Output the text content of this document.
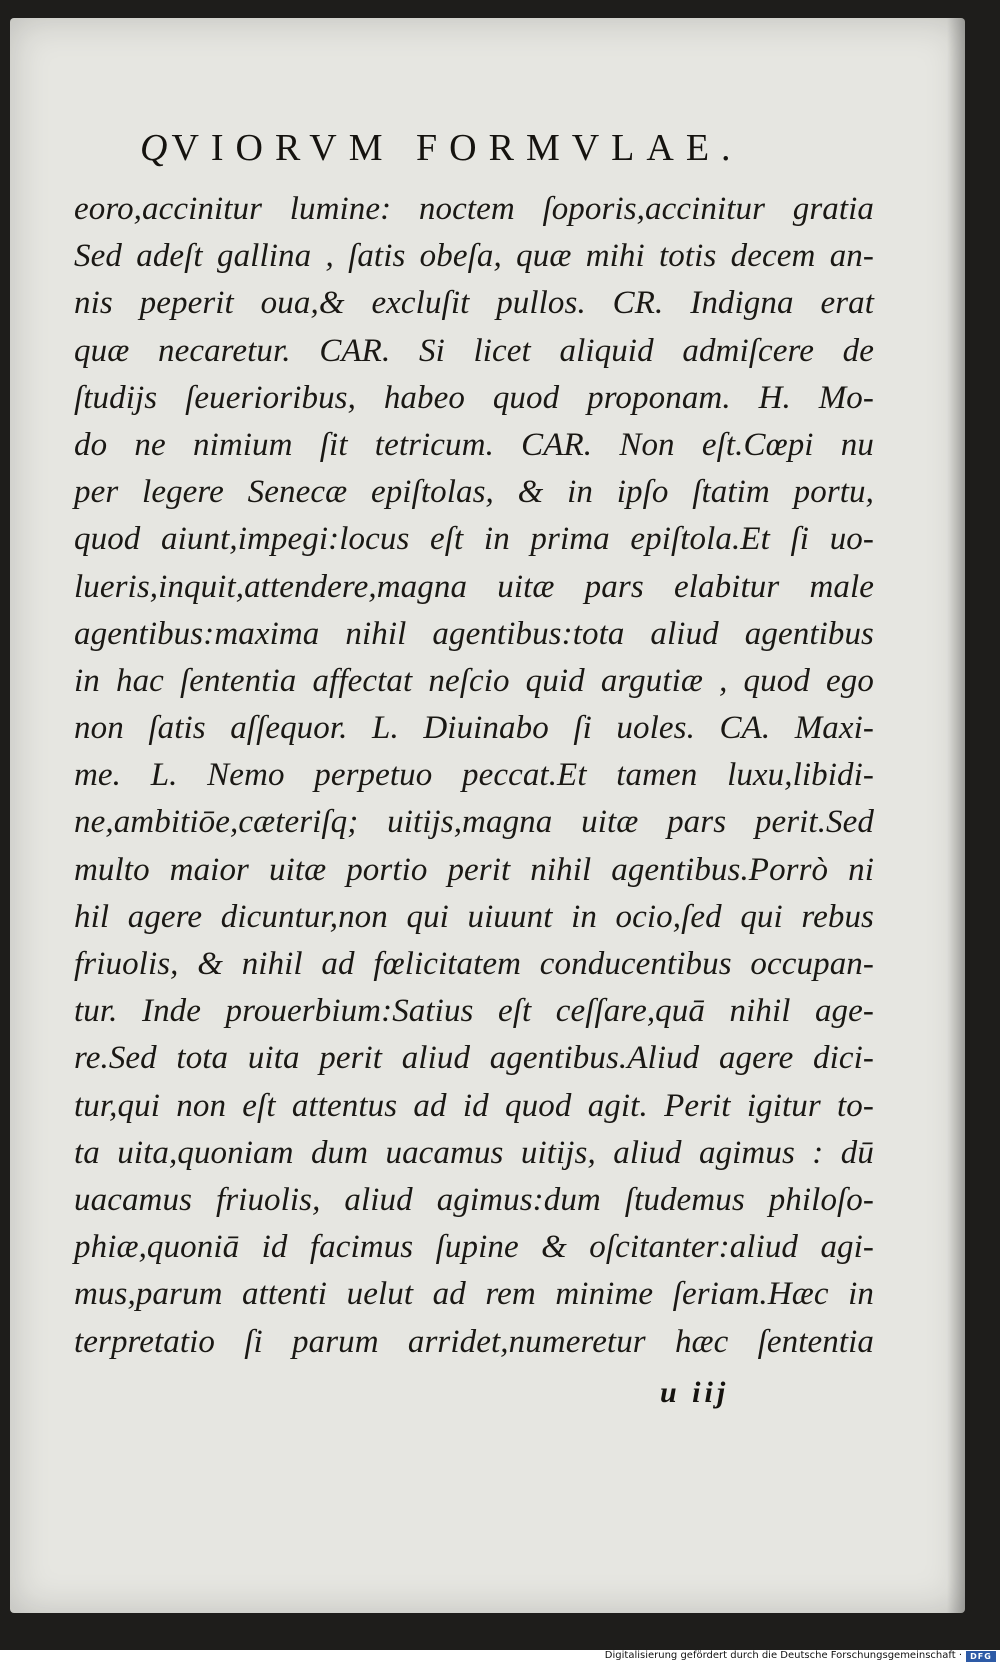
QVIORVM FORMVLAE.
eoro,accinitur lumine: noctem ſoporis,accinitur gratia
Sed adeſt gallina , ſatis obeſa, quæ mihi totis decem an-
nis peperit oua,& excluſit pullos. CR. Indigna erat
quæ necaretur. CAR. Si licet aliquid admiſcere de
ſtudijs ſeuerioribus, habeo quod proponam. H. Mo-
do ne nimium ſit tetricum. CAR. Non eſt.Cœpi nu
per legere Senecæ epiſtolas, & in ipſo ſtatim portu,
quod aiunt,impegi:locus eſt in prima epiſtola.Et ſi uo-
lueris,inquit,attendere,magna uitæ pars elabitur male
agentibus:maxima nihil agentibus:tota aliud agentibus
in hac ſententia affectat neſcio quid argutiæ , quod ego
non ſatis aſſequor. L. Diuinabo ſi uoles. CA. Maxi-
me. L. Nemo perpetuo peccat.Et tamen luxu,libidi-
ne,ambitiōe,cæteriſq; uitijs,magna uitæ pars perit.Sed
multo maior uitæ portio perit nihil agentibus.Porrò ni
hil agere dicuntur,non qui uiuunt in ocio,ſed qui rebus
friuolis, & nihil ad fœlicitatem conducentibus occupan-
tur. Inde prouerbium:Satius eſt ceſſare,quā nihil age-
re.Sed tota uita perit aliud agentibus.Aliud agere dici-
tur,qui non eſt attentus ad id quod agit. Perit igitur to-
ta uita,quoniam dum uacamus uitijs, aliud agimus : dū
uacamus friuolis, aliud agimus:dum ſtudemus philoſo-
phiæ,quoniā id facimus ſupine & oſcitanter:aliud agi-
mus,parum attenti uelut ad rem minime ſeriam.Hæc in
terpretatio ſi parum arridet,numeretur hæc ſententia
u iij
Digitalisierung gefördert durch die Deutsche Forschungsgemeinschaft ·	DFG
